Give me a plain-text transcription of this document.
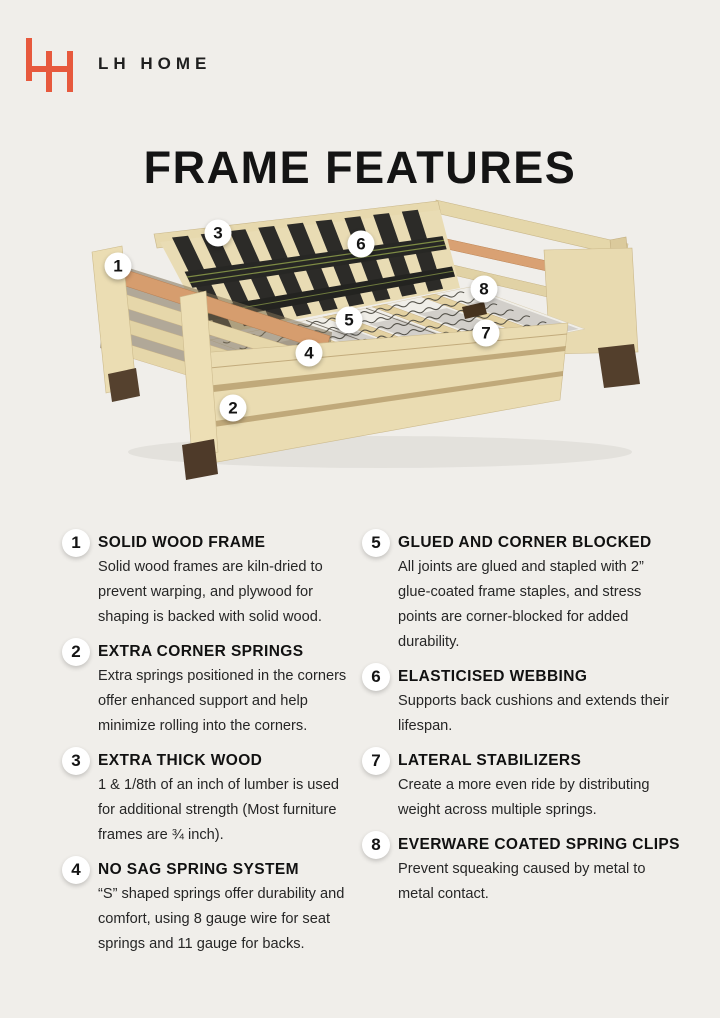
LH HOME
FRAME FEATURES
1
2
3
4
5
6
7
8
1	SOLID WOOD FRAME
Solid wood frames are kiln-dried to prevent warping, and plywood for shaping is backed with solid wood.
2	EXTRA CORNER SPRINGS
Extra springs positioned in the corners offer enhanced support and help minimize rolling into the corners.
3	EXTRA THICK WOOD
1 & 1/8th of an inch of lumber is used for additional strength (Most furniture frames are ¾ inch).
4	NO SAG SPRING SYSTEM
“S” shaped springs offer durability and comfort, using 8 gauge wire for seat springs and 11 gauge for backs.
5	GLUED AND CORNER BLOCKED
All joints are glued and stapled with 2” glue-coated frame staples, and stress points are corner-blocked for added durability.
6	ELASTICISED WEBBING
Supports back cushions and extends their lifespan.
7	LATERAL STABILIZERS
Create a more even ride by distributing weight across multiple springs.
8	EVERWARE COATED SPRING CLIPS
Prevent squeaking caused by metal to metal contact.
